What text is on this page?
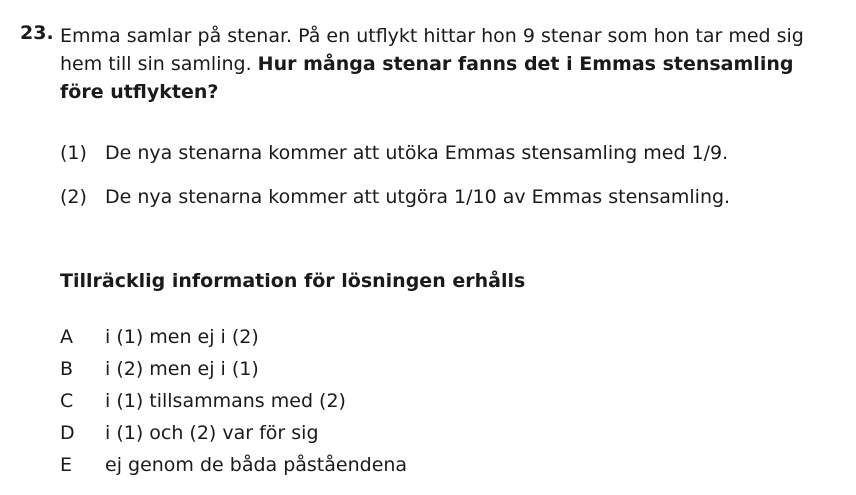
23. Emma samlar på stenar. På en utflykt hittar hon 9 stenar som hon tar med sig hem till sin samling. Hur många stenar fanns det i Emmas stensamling före utflykten?
(1) De nya stenarna kommer att utöka Emmas stensamling med 1/9.
(2) De nya stenarna kommer att utgöra 1/10 av Emmas stensamling.
Tillräcklig information för lösningen erhålls
A	i (1) men ej i (2)
B	i (2) men ej i (1)
C	i (1) tillsammans med (2)
D	i (1) och (2) var för sig
E	ej genom de båda påståendena
